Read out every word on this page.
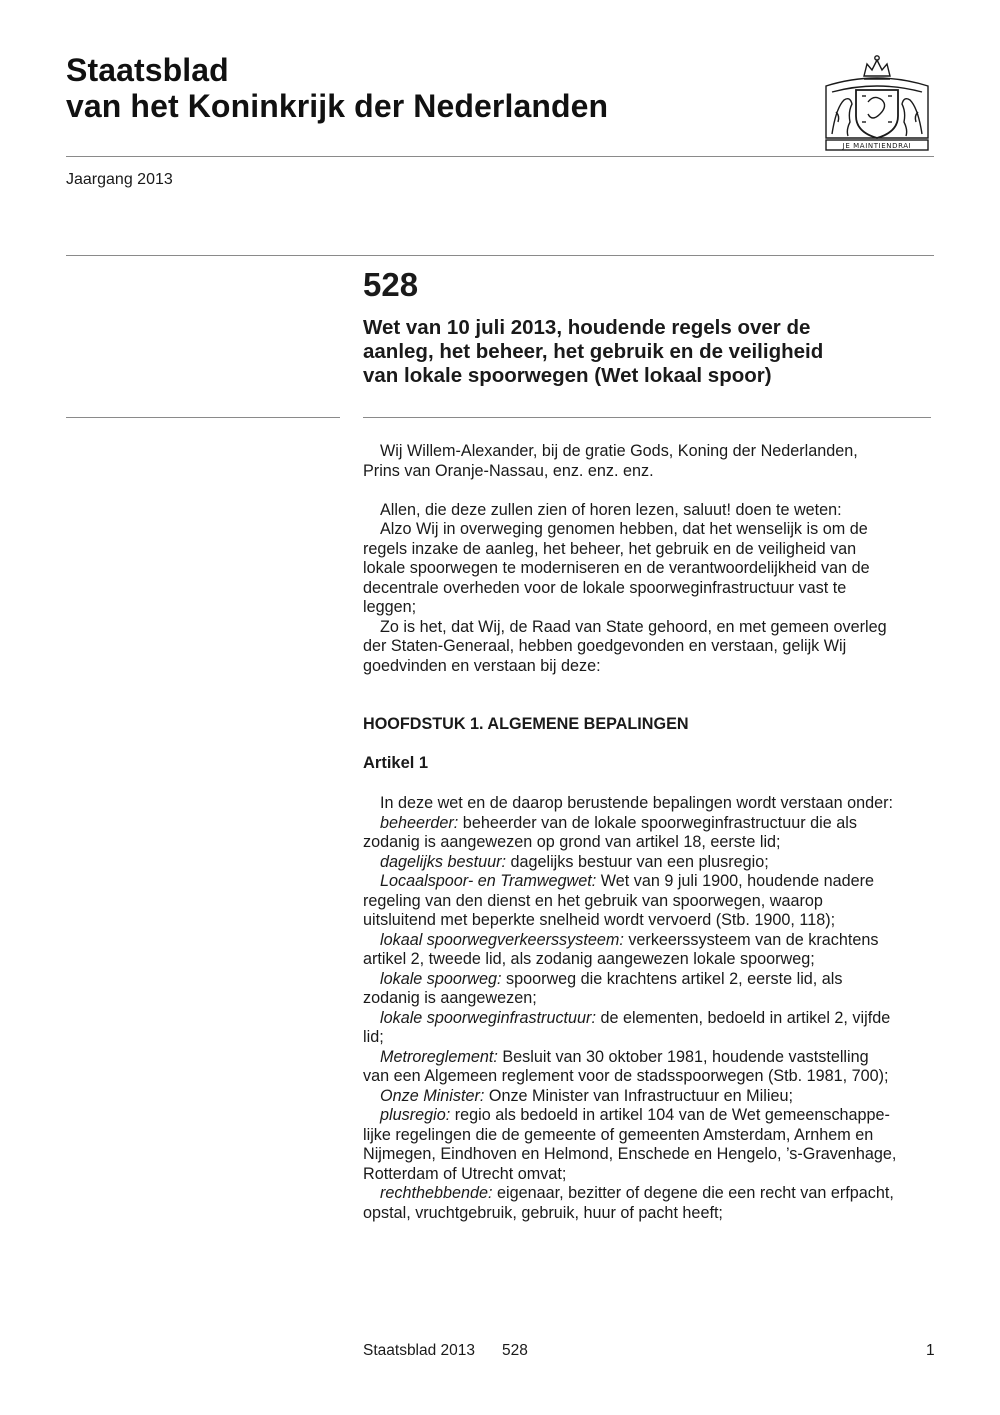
Staatsblad
van het Koninkrijk der Nederlanden
JE MAINTIENDRAI
Jaargang 2013
528
Wet van 10 juli 2013, houdende regels over de
aanleg, het beheer, het gebruik en de veiligheid
van lokale spoorwegen (Wet lokaal spoor)

Wij Willem-Alexander, bij de gratie Gods, Koning der Nederlanden,
Prins van Oranje-Nassau, enz. enz. enz.

Allen, die deze zullen zien of horen lezen, saluut! doen te weten:

Alzo Wij in overweging genomen hebben, dat het wenselijk is om de
regels inzake de aanleg, het beheer, het gebruik en de veiligheid van
lokale spoorwegen te moderniseren en de verantwoordelijkheid van de
decentrale overheden voor de lokale spoorweginfrastructuur vast te
leggen;

Zo is het, dat Wij, de Raad van State gehoord, en met gemeen overleg
der Staten-Generaal, hebben goedgevonden en verstaan, gelijk Wij
goedvinden en verstaan bij deze:

HOOFDSTUK 1. ALGEMENE BEPALINGEN
Artikel 1

In deze wet en de daarop berustende bepalingen wordt verstaan onder:

beheerder: beheerder van de lokale spoorweginfrastructuur die als
zodanig is aangewezen op grond van artikel 18, eerste lid;

dagelijks bestuur: dagelijks bestuur van een plusregio;

Locaalspoor- en Tramwegwet: Wet van 9 juli 1900, houdende nadere
regeling van den dienst en het gebruik van spoorwegen, waarop
uitsluitend met beperkte snelheid wordt vervoerd (Stb. 1900, 118);

lokaal spoorwegverkeerssysteem: verkeerssysteem van de krachtens
artikel 2, tweede lid, als zodanig aangewezen lokale spoorweg;

lokale spoorweg: spoorweg die krachtens artikel 2, eerste lid, als
zodanig is aangewezen;

lokale spoorweginfrastructuur: de elementen, bedoeld in artikel 2, vijfde
lid;

Metroreglement: Besluit van 30 oktober 1981, houdende vaststelling
van een Algemeen reglement voor de stadsspoorwegen (Stb. 1981, 700);

Onze Minister: Onze Minister van Infrastructuur en Milieu;

plusregio: regio als bedoeld in artikel 104 van de Wet gemeenschappe-
lijke regelingen die de gemeente of gemeenten Amsterdam, Arnhem en
Nijmegen, Eindhoven en Helmond, Enschede en Hengelo, ’s-Gravenhage,
Rotterdam of Utrecht omvat;

rechthebbende: eigenaar, bezitter of degene die een recht van erfpacht,
opstal, vruchtgebruik, gebruik, huur of pacht heeft;

Staatsblad 2013 528	1
